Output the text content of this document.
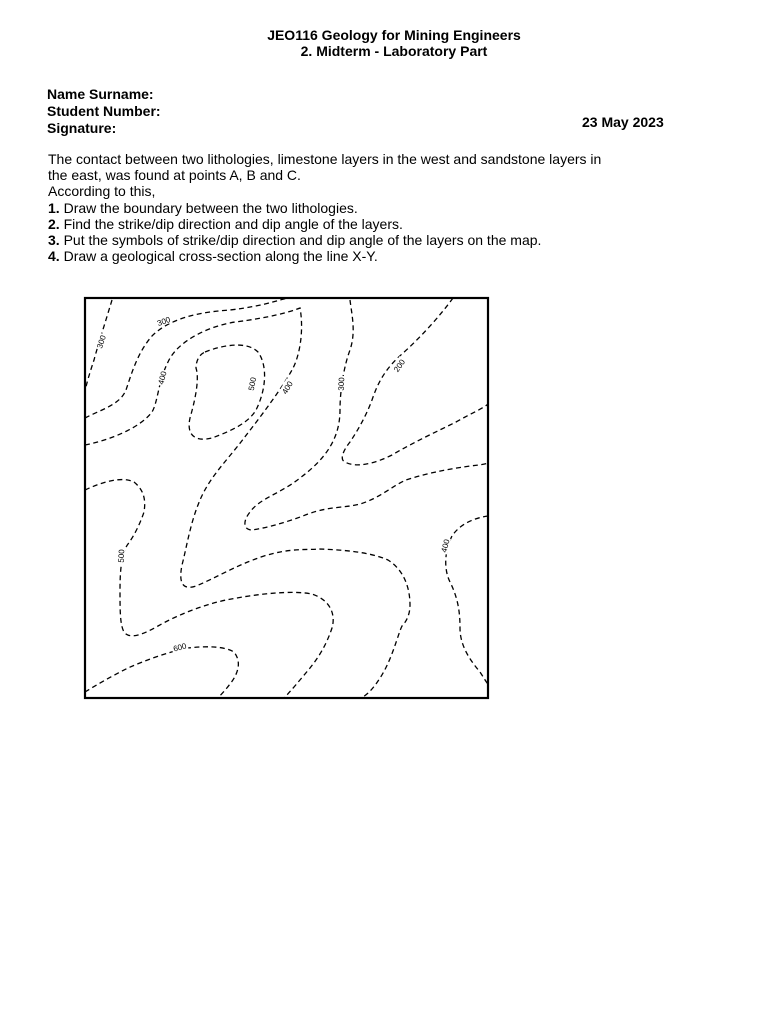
JEO116 Geology for Mining Engineers
2. Midterm - Laboratory Part
Name Surname:
Student Number:
Signature:	23 May 2023
The contact between two lithologies, limestone layers in the west and sandstone layers in
the east, was found at points A, B and C.
According to this,
1. Draw the boundary between the two lithologies.
2. Find the strike/dip direction and dip angle of the layers.
3. Put the symbols of strike/dip direction and dip angle of the layers on the map.
4. Draw a geological cross-section along the line X-Y.
300
300
400	500	400	300
200
500
400
600
